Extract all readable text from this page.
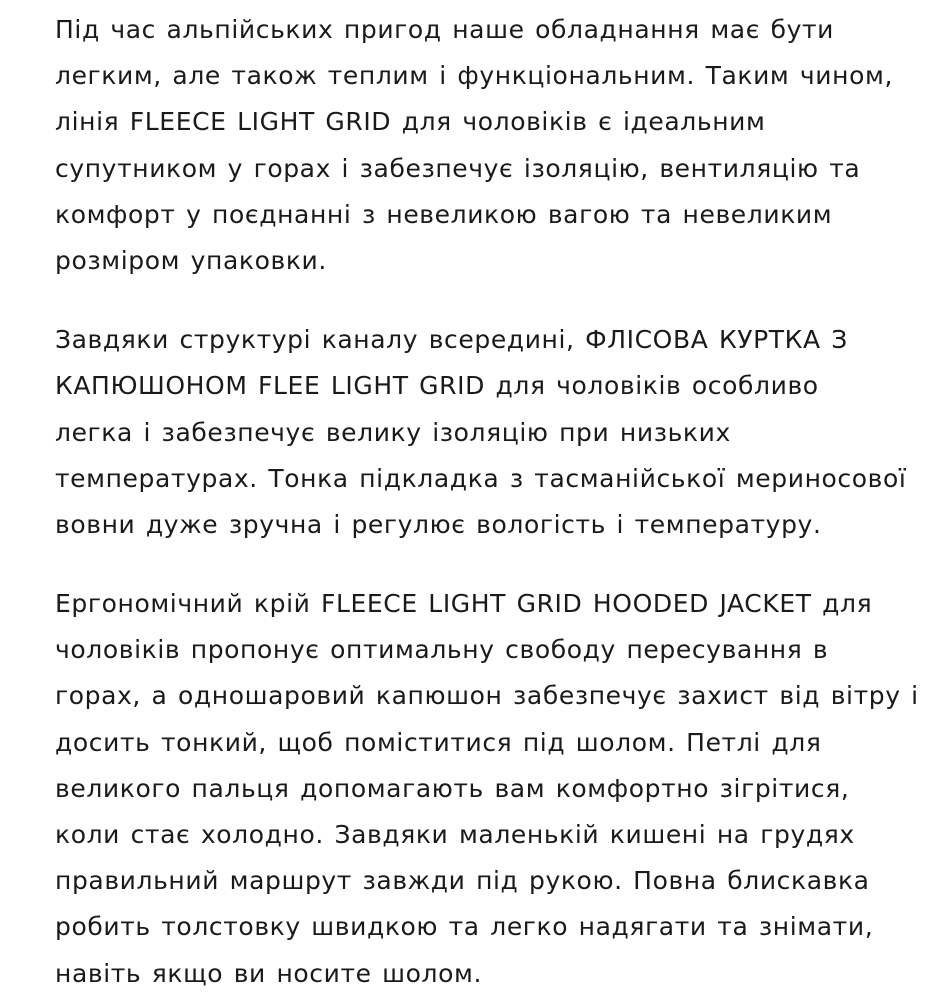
Під час альпійських пригод наше обладнання має бути
легким, але також теплим і функціональним. Таким чином,
лінія FLEECE LIGHT GRID для чоловіків є ідеальним
супутником у горах і забезпечує ізоляцію, вентиляцію та
комфорт у поєднанні з невеликою вагою та невеликим
розміром упаковки.

Завдяки структурі каналу всередині, ФЛІСОВА КУРТКА З
КАПЮШОНОМ FLEE LIGHT GRID для чоловіків особливо
легка і забезпечує велику ізоляцію при низьких
температурах. Тонка підкладка з тасманійської мериносової
вовни дуже зручна і регулює вологість і температуру.

Ергономічний крій FLEECE LIGHT GRID HOODED JACKET для
чоловіків пропонує оптимальну свободу пересування в
горах, а одношаровий капюшон забезпечує захист від вітру і
досить тонкий, щоб поміститися під шолом. Петлі для
великого пальця допомагають вам комфортно зігрітися,
коли стає холодно. Завдяки маленькій кишені на грудях
правильний маршрут завжди під рукою. Повна блискавка
робить толстовку швидкою та легко надягати та знімати,
навіть якщо ви носите шолом.
